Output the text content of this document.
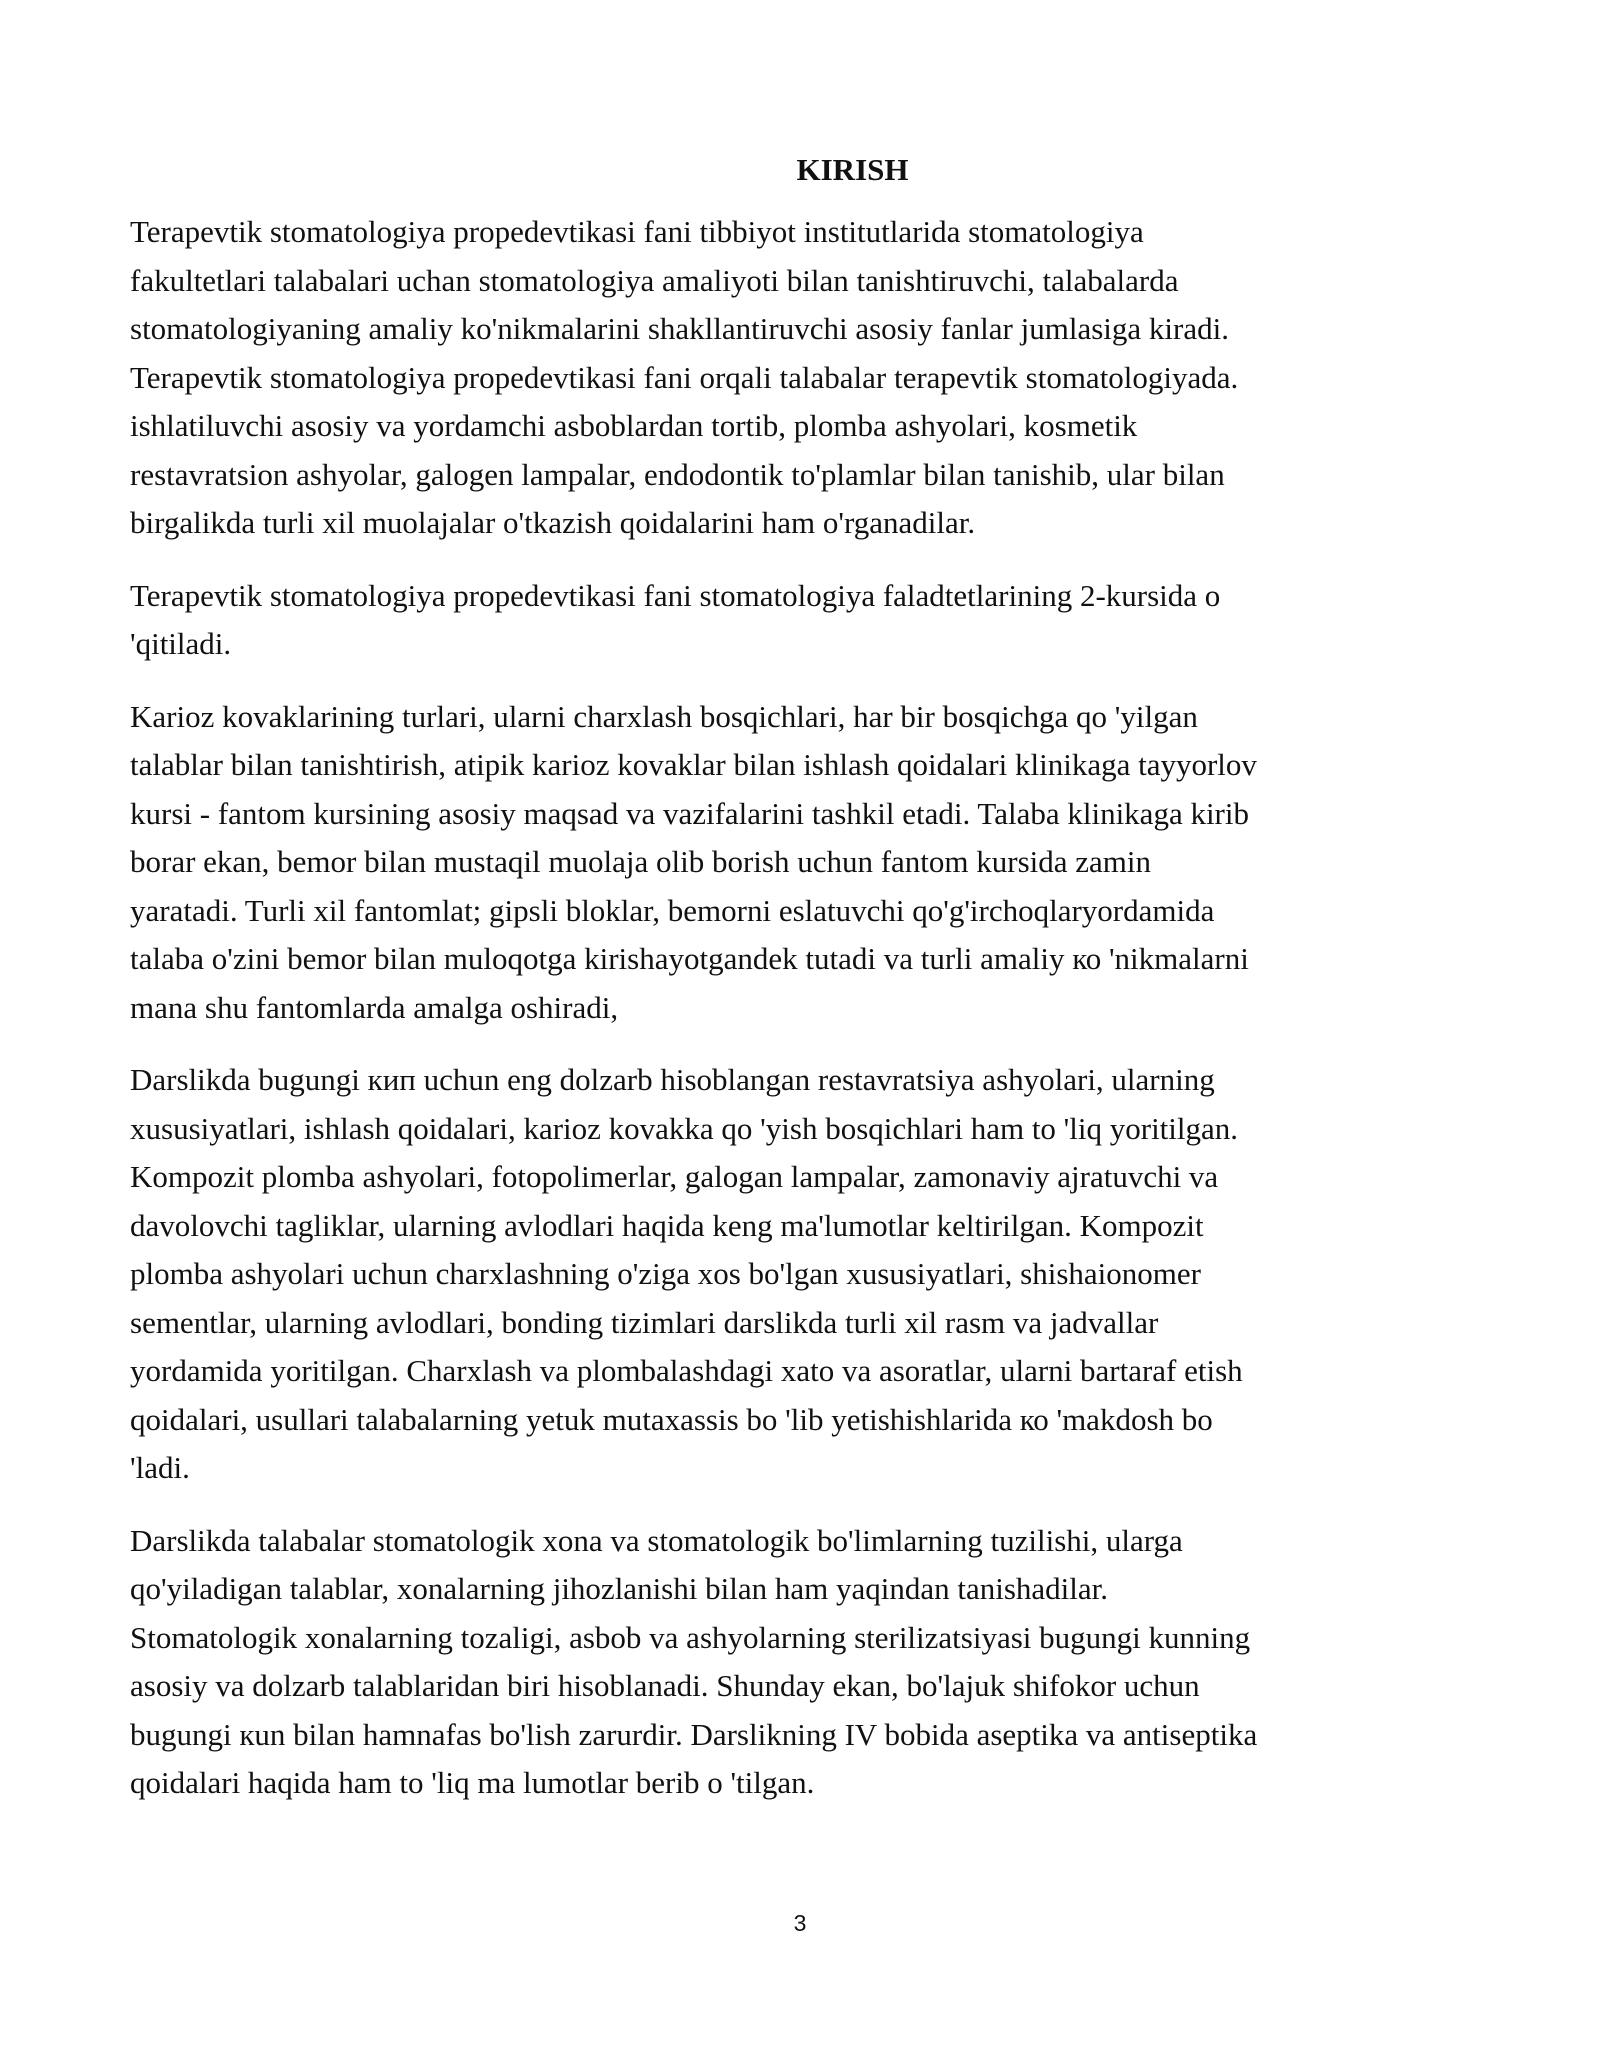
KIRISH
Terapevtik stomatologiya propedevtikasi fani tibbiyot institutlarida stomatologiya
fakultetlari talabalari uchan stomatologiya amaliyoti bilan tanishtiruvchi, talabalarda
stomatologiyaning amaliy ko'nikmalarini shakllantiruvchi asosiy fanlar jumlasiga kiradi.
Terapevtik stomatologiya propedevtikasi fani orqali talabalar terapevtik stomatologiyada.
ishlatiluvchi asosiy va yordamchi asboblardan tortib, plomba ashyolari, kosmetik
restavratsion ashyolar, galogen lampalar, endodontik to'plamlar bilan tanishib, ular bilan
birgalikda turli xil muolajalar o'tkazish qoidalarini ham o'rganadilar.
Terapevtik stomatologiya propedevtikasi fani stomatologiya faladtetlarining 2-kursida o
'qitiladi.
Karioz kovaklarining turlari, ularni charxlash bosqichlari, har bir bosqichga qo 'yilgan
talablar bilan tanishtirish, atipik karioz kovaklar bilan ishlash qoidalari klinikaga tayyorlov
kursi - fantom kursining asosiy maqsad va vazifalarini tashkil etadi. Talaba klinikaga kirib
borar ekan, bemor bilan mustaqil muolaja olib borish uchun fantom kursida zamin
yaratadi. Turli xil fantomlat; gipsli bloklar, bemorni eslatuvchi qo'g'irchoqlaryordamida
talaba o'zini bemor bilan muloqotga kirishayotgandek tutadi va turli amaliy ко 'nikmalarni
mana shu fantomlarda amalga oshiradi,
Darslikda bugungi кип uchun eng dolzarb hisoblangan restavratsiya ashyolari, ularning
xususiyatlari, ishlash qoidalari, karioz kovakka qo 'yish bosqichlari ham to 'liq yoritilgan.
Kompozit plomba ashyolari, fotopolimerlar, galogan lampalar, zamonaviy ajratuvchi va
davolovchi tagliklar, ularning avlodlari haqida keng ma'lumotlar keltirilgan. Kompozit
plomba ashyolari uchun charxlashning o'ziga xos bo'lgan xususiyatlari, shishaionomer
sementlar, ularning avlodlari, bonding tizimlari darslikda turli xil rasm va jadvallar
yordamida yoritilgan. Charxlash va plombalashdagi xato va asoratlar, ularni bartaraf etish
qoidalari, usullari talabalarning yetuk mutaxassis bo 'lib yetishishlarida ко 'makdosh bo
'ladi.
Darslikda talabalar stomatologik xona va stomatologik bo'limlarning tuzilishi, ularga
qo'yiladigan talablar, xonalarning jihozlanishi bilan ham yaqindan tanishadilar.
Stomatologik xonalarning tozaligi, asbob va ashyolarning sterilizatsiyasi bugungi kunning
asosiy va dolzarb talablaridan biri hisoblanadi. Shunday ekan, bo'lajuk shifokor uchun
bugungi кun bilan hamnafas bo'lish zarurdir. Darslikning IV bobida aseptika va antiseptika
qoidalari haqida ham to 'liq ma lumotlar berib o 'tilgan.
3
